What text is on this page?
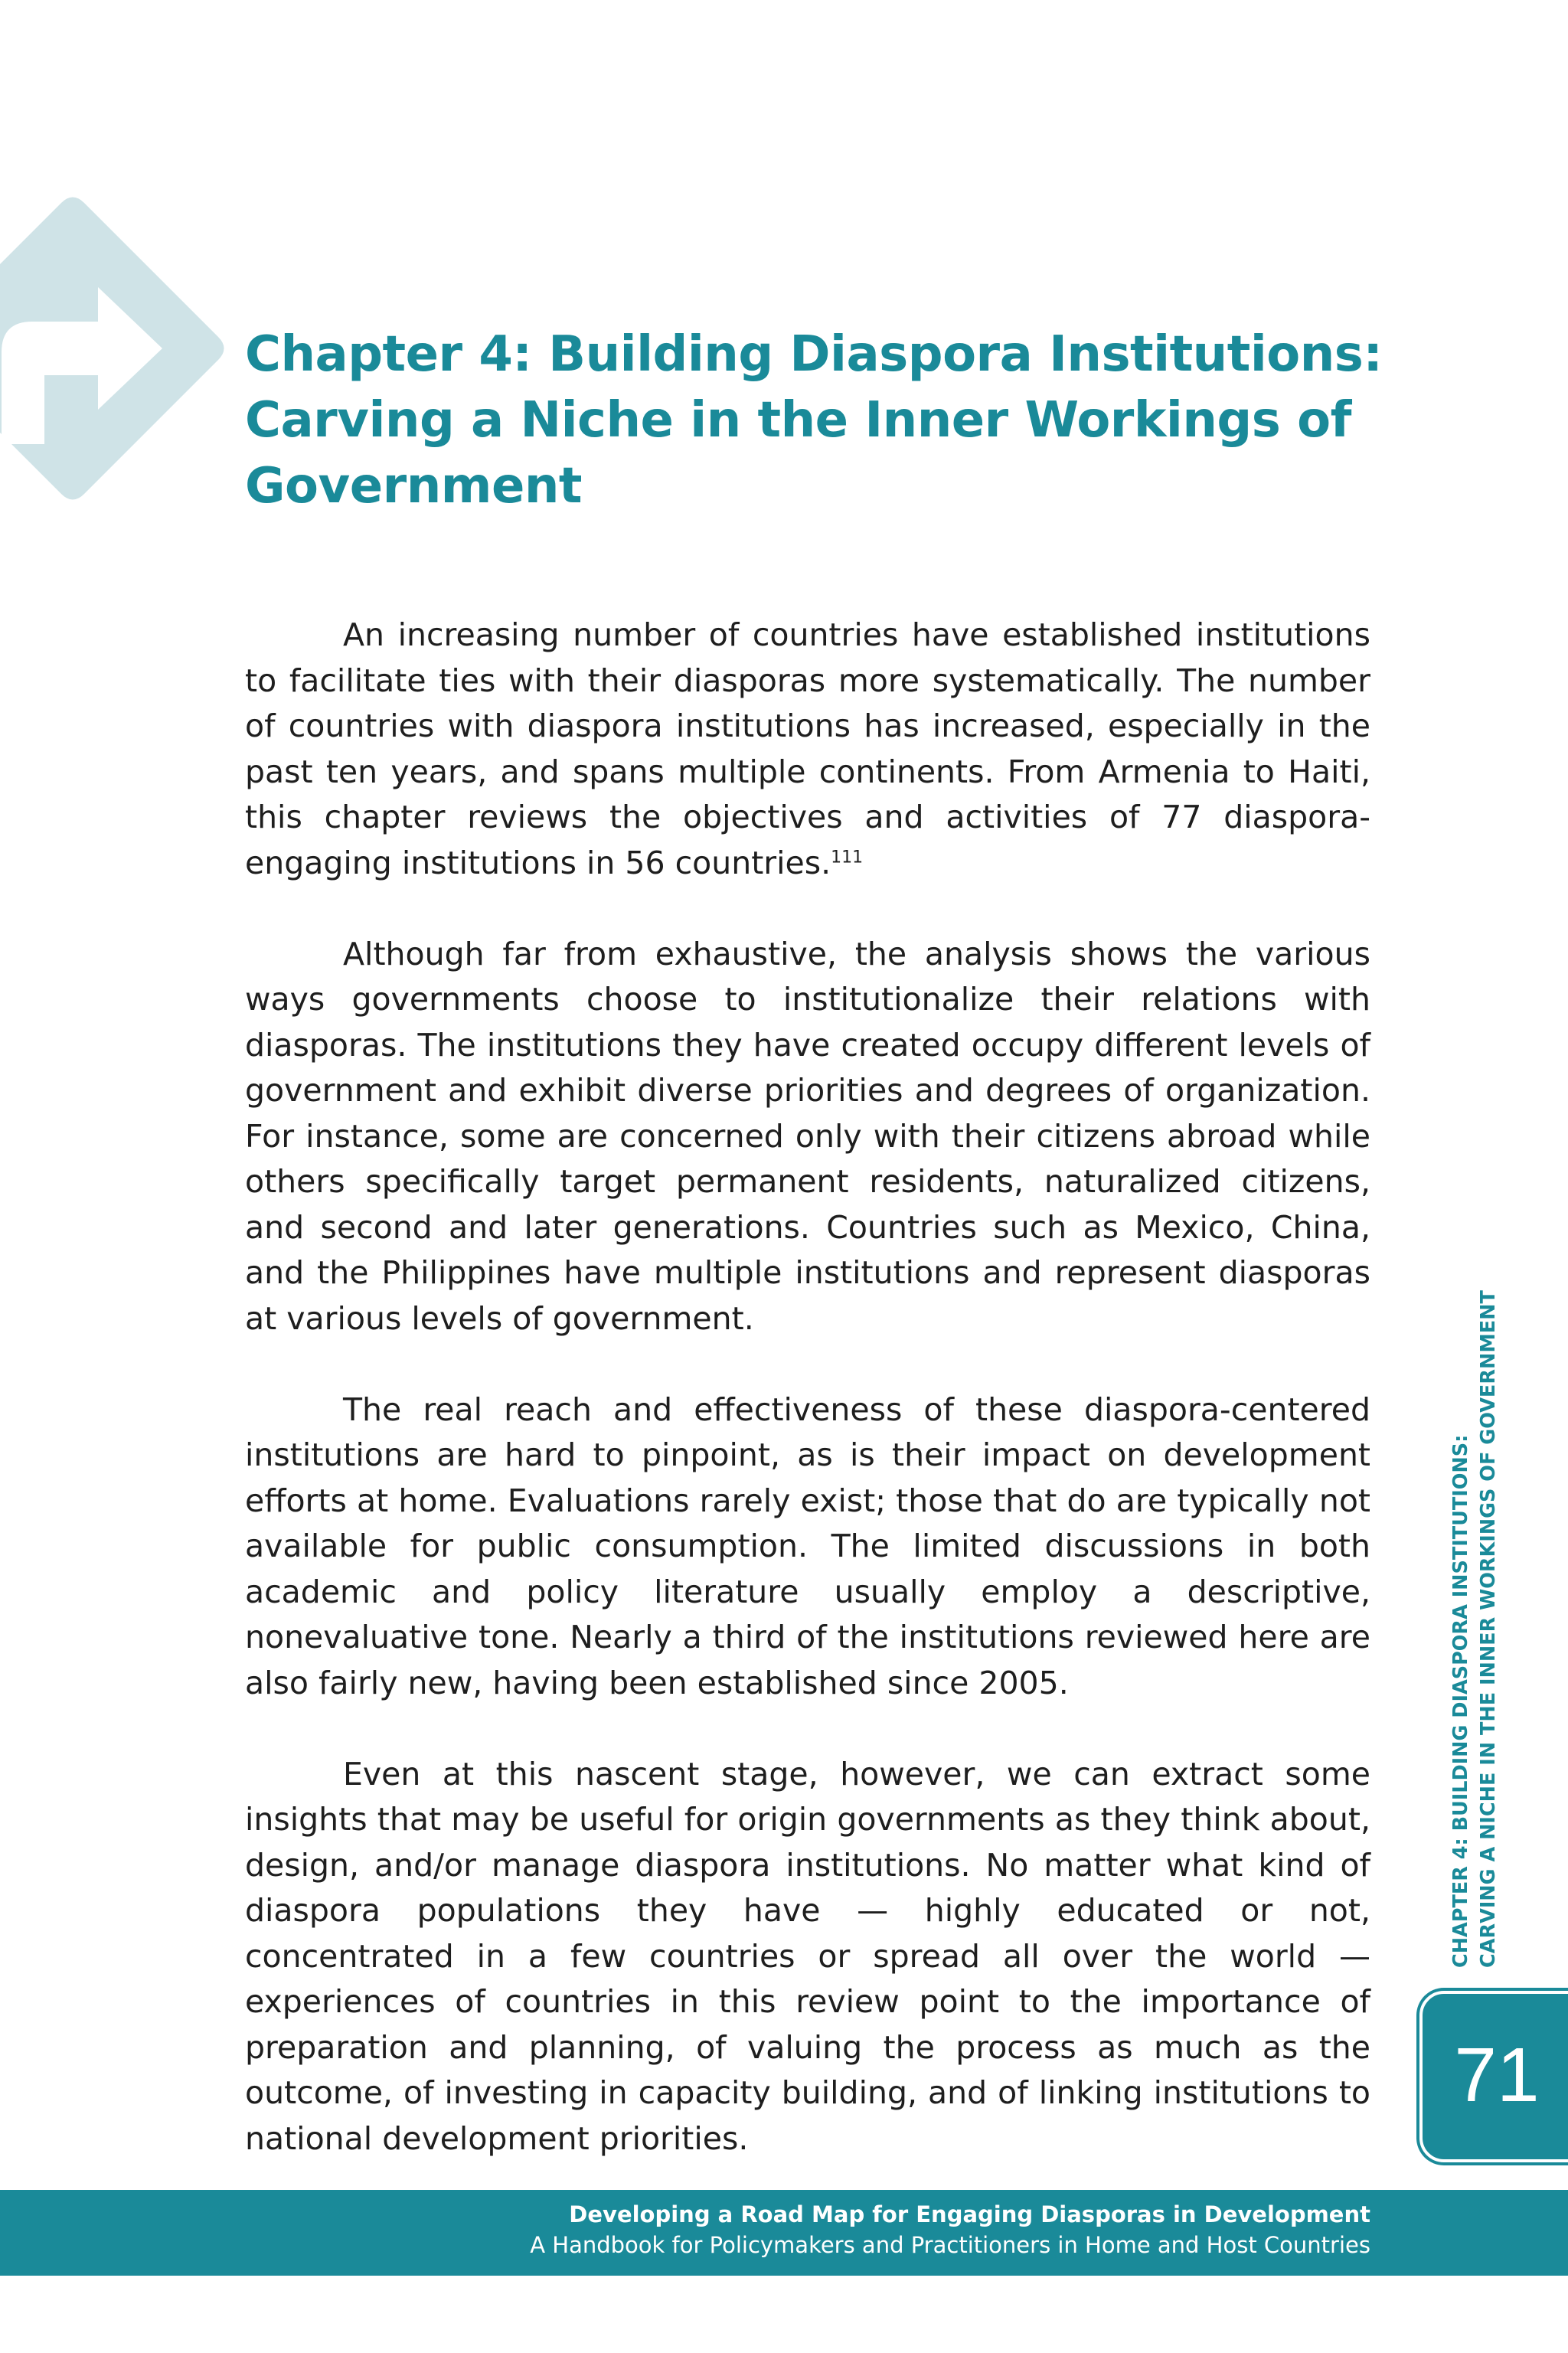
Chapter 4: Building Diaspora Institutions:
Carving a Niche in the Inner Workings of
Government

An increasing number of countries have established institutions to facilitate ties with their diasporas more systematically. The number of countries with diaspora institutions has increased, especially in the past ten years, and spans multiple continents. From Armenia to Haiti, this chapter reviews the objectives and activities of 77 diaspora-engaging institutions in 56 countries.$^{111}$

Although far from exhaustive, the analysis shows the various ways governments choose to institutionalize their relations with diasporas. The institutions they have created occupy different levels of government and exhibit diverse priorities and degrees of organization. For instance, some are concerned only with their citizens abroad while others specifically target permanent residents, naturalized citizens, and second and later generations. Countries such as Mexico, China, and the Philippines have multiple institutions and represent diasporas at various levels of government.

The real reach and effectiveness of these diaspora-centered institutions are hard to pinpoint, as is their impact on development efforts at home. Evaluations rarely exist; those that do are typically not available for public consumption. The limited discussions in both academic and policy literature usually employ a descriptive, nonevaluative tone. Nearly a third of the institutions reviewed here are also fairly new, having been established since 2005.

Even at this nascent stage, however, we can extract some insights that may be useful for origin governments as they think about, design, and/or manage diaspora institutions. No matter what kind of diaspora populations they have — highly educated or not, concentrated in a few countries or spread all over the world — experiences of countries in this review point to the importance of preparation and planning, of valuing the process as much as the outcome, of investing in capacity building, and of linking institutions to national development priorities.

CHAPTER 4: BUILDING DIASPORA INSTITUTIONS: CARVING A NICHE IN THE INNER WORKINGS OF GOVERNMENT
71

Developing a Road Map for Engaging Diasporas in Development

A Handbook for Policymakers and Practitioners in Home and Host Countries
